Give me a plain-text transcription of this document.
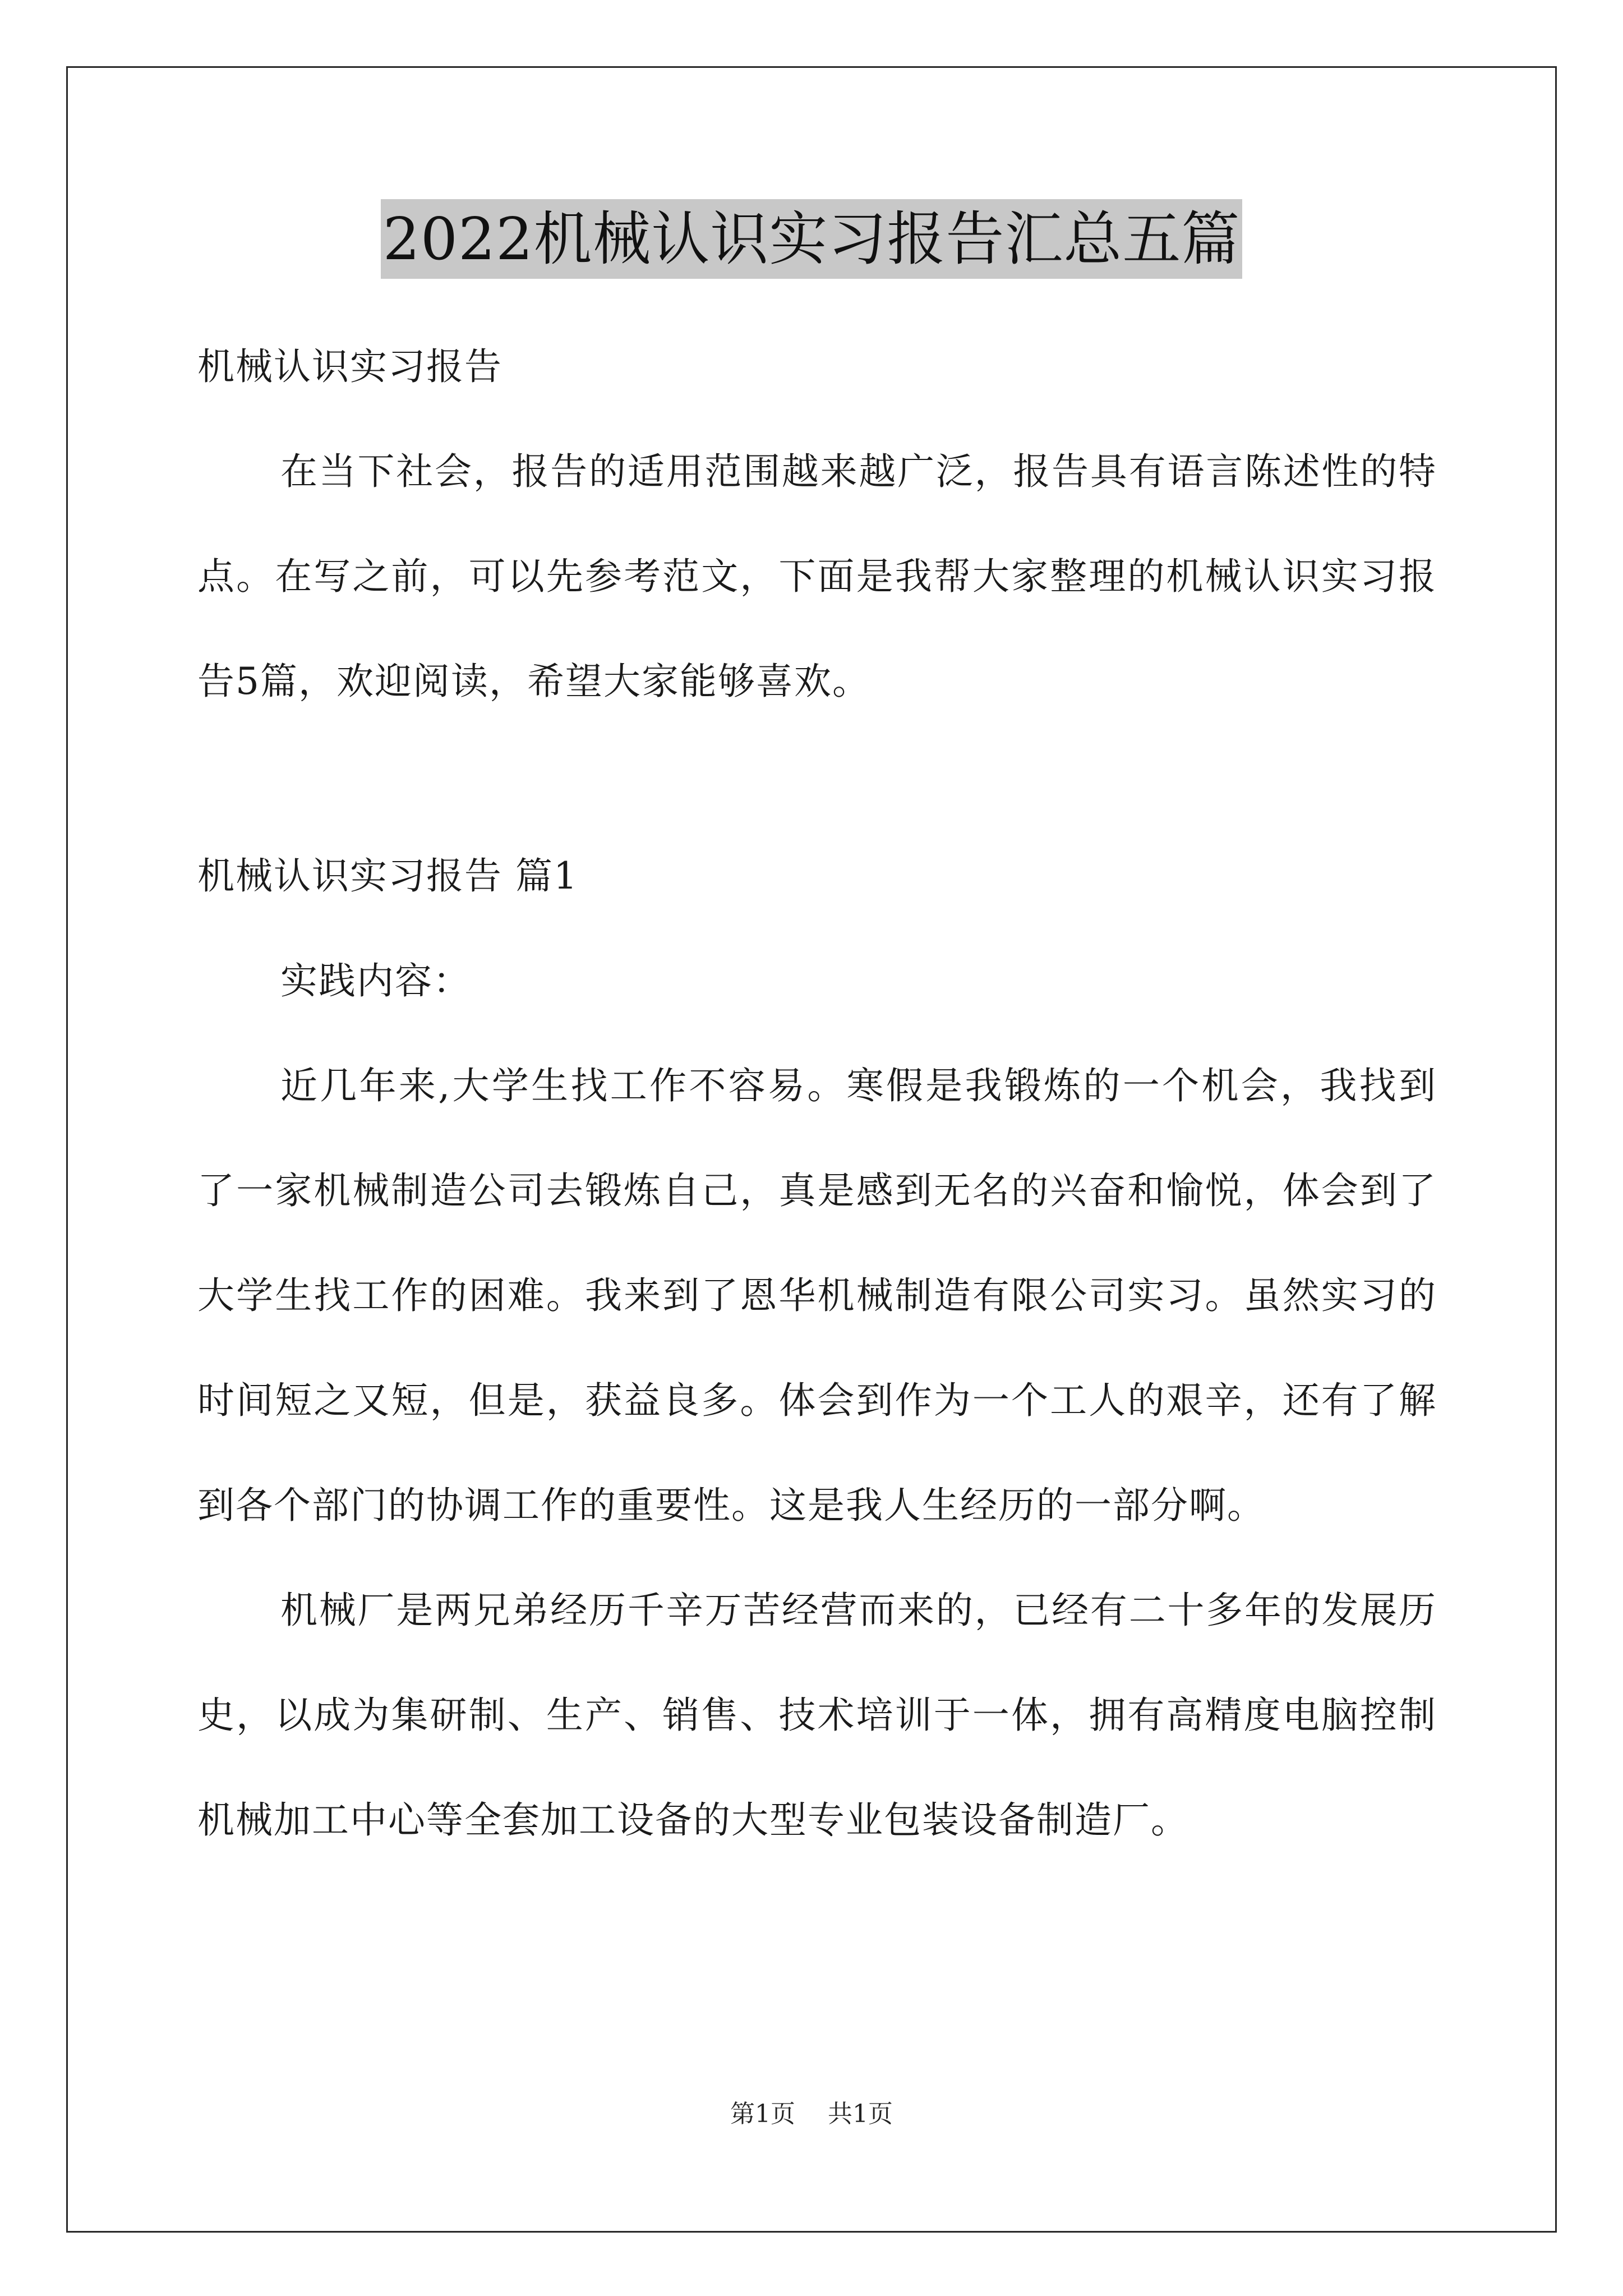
2022机械认识实习报告汇总五篇

机械认识实习报告

在当下社会，报告的适用范围越来越广泛，报告具有语言陈述性的特点。在写之前，可以先参考范文，下面是我帮大家整理的机械认识实习报告5篇，欢迎阅读，希望大家能够喜欢。

机械认识实习报告 篇1

实践内容：

近几年来,大学生找工作不容易。寒假是我锻炼的一个机会，我找到了一家机械制造公司去锻炼自己，真是感到无名的兴奋和愉悦，体会到了大学生找工作的困难。我来到了恩华机械制造有限公司实习。虽然实习的时间短之又短，但是，获益良多。体会到作为一个工人的艰辛，还有了解到各个部门的协调工作的重要性。这是我人生经历的一部分啊。

机械厂是两兄弟经历千辛万苦经营而来的，已经有二十多年的发展历史，以成为集研制、生产、销售、技术培训于一体，拥有高精度电脑控制机械加工中心等全套加工设备的大型专业包装设备制造厂。

第1页 共1页
